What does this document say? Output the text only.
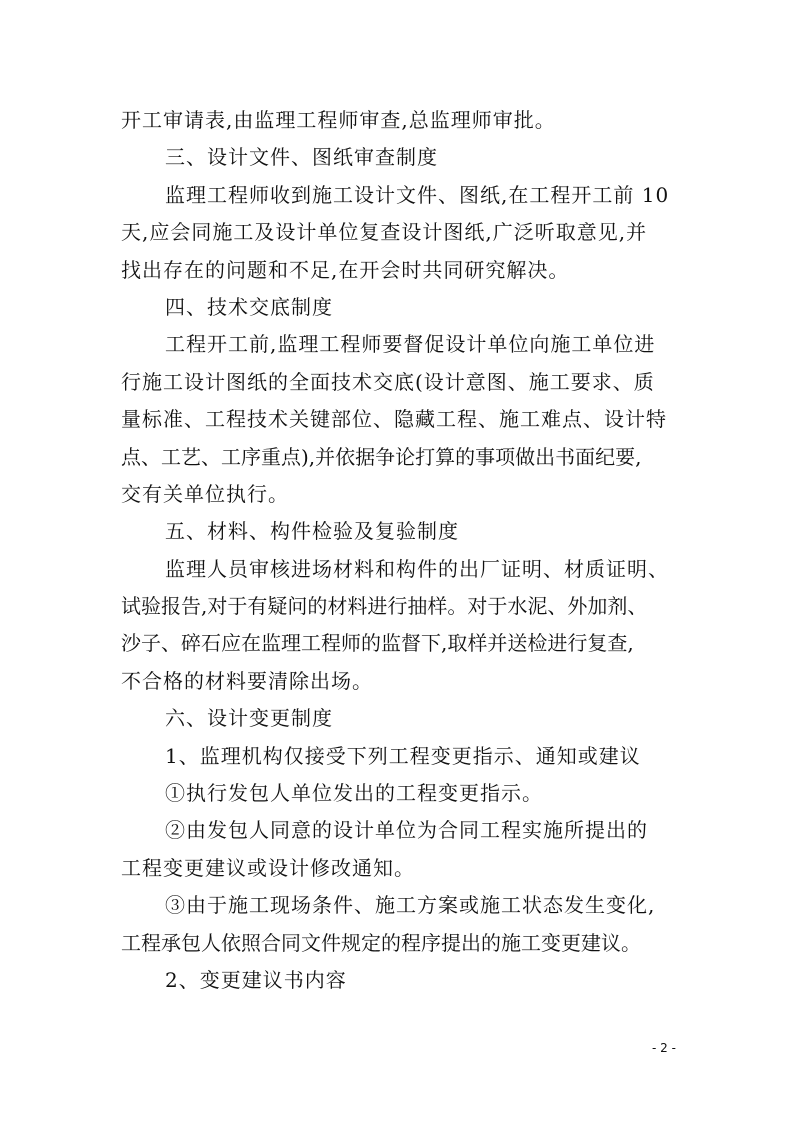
开工审请表,由监理工程师审查,总监理师审批。
三、设计文件、图纸审查制度
监理工程师收到施工设计文件、图纸,在工程开工前 10
天,应会同施工及设计单位复查设计图纸,广泛听取意见,并
找出存在的问题和不足,在开会时共同研究解决。
四、技术交底制度
工程开工前,监理工程师要督促设计单位向施工单位进
行施工设计图纸的全面技术交底(设计意图、施工要求、质
量标准、工程技术关键部位、隐藏工程、施工难点、设计特
点、工艺、工序重点),并依据争论打算的事项做出书面纪要,
交有关单位执行。
五、材料、构件检验及复验制度
监理人员审核进场材料和构件的出厂证明、材质证明、
试验报告,对于有疑问的材料进行抽样。对于水泥、外加剂、
沙子、碎石应在监理工程师的监督下,取样并送检进行复查,
不合格的材料要清除出场。
六、设计变更制度
1、监理机构仅接受下列工程变更指示、通知或建议
①执行发包人单位发出的工程变更指示。
②由发包人同意的设计单位为合同工程实施所提出的
工程变更建议或设计修改通知。
③由于施工现场条件、施工方案或施工状态发生变化,
工程承包人依照合同文件规定的程序提出的施工变更建议。
2、变更建议书内容
- 2 -
